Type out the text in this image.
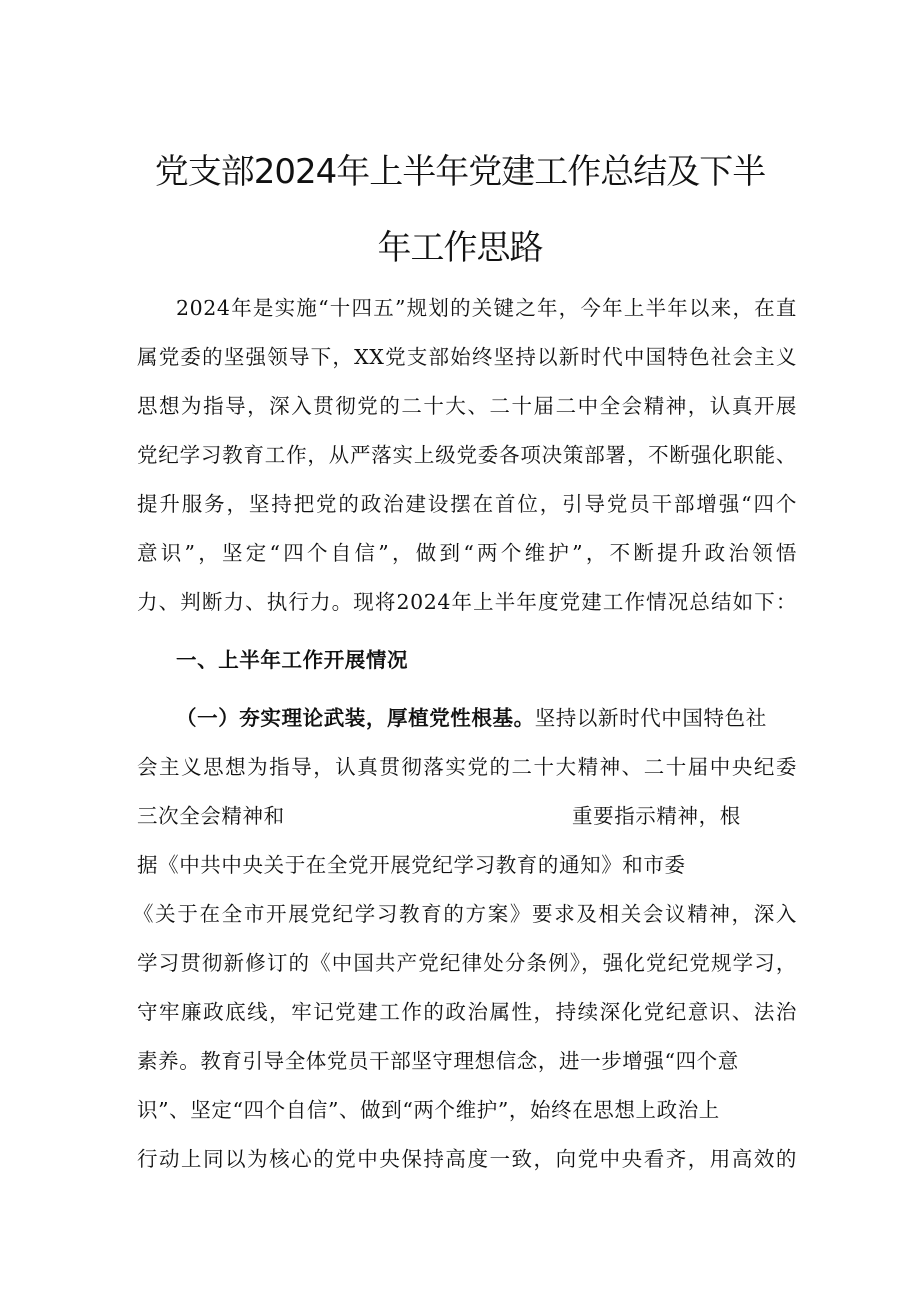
党支部2024年上半年党建工作总结及下半
年工作思路
2024年是实施“十四五”规划的关键之年，今年上半年以来，在直
属党委的坚强领导下，XX党支部始终坚持以新时代中国特色社会主义
思想为指导，深入贯彻党的二十大、二十届二中全会精神，认真开展
党纪学习教育工作，从严落实上级党委各项决策部署，不断强化职能、
提升服务，坚持把党的政治建设摆在首位，引导党员干部增强“四个
意识”，坚定“四个自信”，做到“两个维护”，不断提升政治领悟
力、判断力、执行力。现将2024年上半年度党建工作情况总结如下：
一、上半年工作开展情况
（一）夯实理论武装，厚植党性根基。坚持以新时代中国特色社
会主义思想为指导，认真贯彻落实党的二十大精神、二十届中央纪委
三次全会精神和	重要指示精神，根
据《中共中央关于在全党开展党纪学习教育的通知》和市委
《关于在全市开展党纪学习教育的方案》要求及相关会议精神，深入
学习贯彻新修订的《中国共产党纪律处分条例》，强化党纪党规学习，
守牢廉政底线，牢记党建工作的政治属性，持续深化党纪意识、法治
素养。教育引导全体党员干部坚守理想信念，进一步增强“四个意
识”、坚定“四个自信”、做到“两个维护”，始终在思想上政治上
行动上同以为核心的党中央保持高度一致，向党中央看齐，用高效的
